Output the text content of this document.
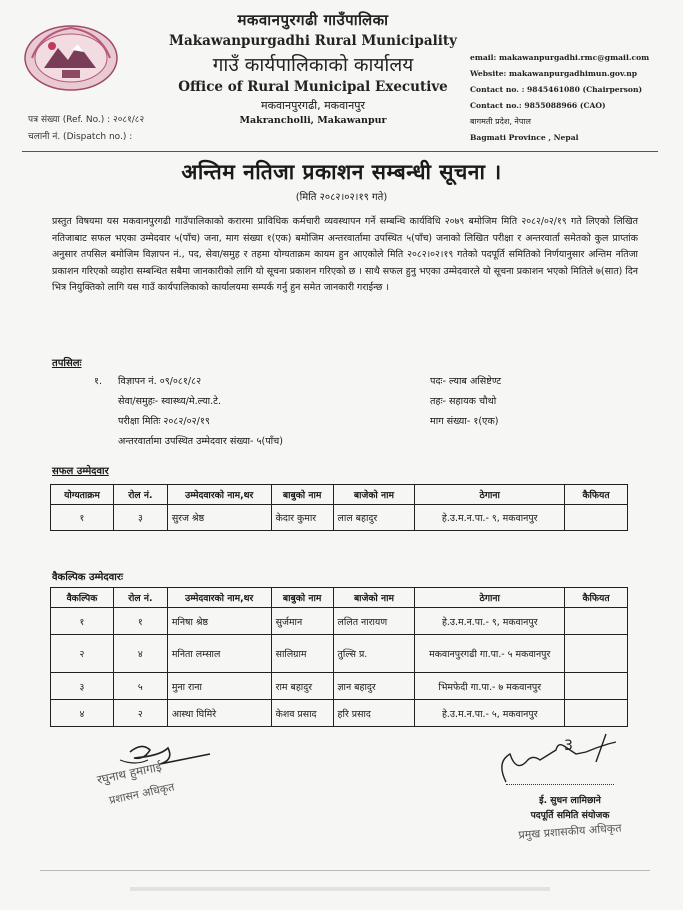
मकवानपुरगढी गाउँपालिका
Makawanpurgadhi Rural Municipality
गाउँ कार्यपालिकाको कार्यालय
Office of Rural Municipal Executive
मकवानपुरगढी, मकवानपुर
Makrancholli, Makawanpur
email: makawanpurgadhi.rmc@gmail.com
Website: makawanpurgadhimun.gov.np
Contact no. : 9845461080 (Chairperson)
Contact no.: 9855088966 (CAO)
बागमती प्रदेश, नेपाल
Bagmati Province , Nepal
पत्र संख्या (Ref. No.) : २०८१/८२
चलानी नं. (Dispatch no.) :
अन्तिम नतिजा प्रकाशन सम्बन्धी सूचना ।
(मिति २०८२।०२।१९ गते)
प्रस्तुत विषयमा यस मकवानपुरगढी गाउँपालिकाको करारमा प्राविधिक कर्मचारी व्यवस्थापन गर्ने सम्बन्धि कार्यविधि २०७९ बमोजिम मिति २०८२/०२/१९ गते लिएको लिखित नतिजाबाट सफल भएका उम्मेदवार ५(पाँच) जना, माग संख्या १(एक) बमोजिम अन्तरवार्तामा उपस्थित ५(पाँच) जनाको लिखित परीक्षा र अन्तरवार्ता समेतको कुल प्राप्तांक अनुसार तपसिल बमोजिम विज्ञापन नं., पद, सेवा/समुह र तहमा योग्यताक्रम कायम हुन आएकोले मिति २०८२।०२।१९ गतेको पदपूर्ति समितिको निर्णयानुसार अन्तिम नतिजा प्रकाशन गरिएको व्यहोरा सम्बन्धित सबैमा जानकारीको लागि यो सूचना प्रकाशन गरिएको छ । साथै सफल हुनु भएका उम्मेदवारले यो सूचना प्रकाशन भएको मितिले ७(सात) दिन भित्र नियुक्तिको लागि यस गाउँ कार्यपालिकाको कार्यालयमा सम्पर्क गर्नु हुन समेत जानकारी गराईन्छ ।
तपसिलः
१. विज्ञापन नं. ०९/०८१/८२
सेवा/समुहः- स्वास्थ्य/मे.ल्या.टे.
परीक्षा मितिः २०८२/०२/१९
अन्तरवार्तामा उपस्थित उम्मेदवार संख्या- ५(पाँच)
पदः- ल्याब असिष्टेण्ट
तहः- सहायक चौथो
माग संख्या- १(एक)
सफल उम्मेदवार
योग्यताक्रम	रोल नं.	उम्मेदवारको नाम,थर	बाबुको नाम	बाजेको नाम	ठेगाना	कैफियत
१	३	सुरज श्रेष्ठ	केदार कुमार	लाल बहादुर	हे.उ.म.न.पा.- ९, मकवानपुर	
वैकल्पिक उम्मेदवारः
वैकल्पिक	रोल नं.	उम्मेदवारको नाम,थर	बाबुको नाम	बाजेको नाम	ठेगाना	कैफियत
१	१	मनिषा श्रेष्ठ	सुर्जमान	ललित नारायण	हे.उ.म.न.पा.- ९, मकवानपुर	
२	४	मनिता लम्साल	सालिग्राम	तुल्सि प्र.	मकवानपुरगढी गा.पा.- ५ मकवानपुर	
३	५	मुना राना	राम बहादुर	ज्ञान बहादुर	भिमफेदी गा.पा.- ७ मकवानपुर	
४	२	आस्था घिमिरे	केशव प्रसाद	हरि प्रसाद	हे.उ.म.न.पा.- ५, मकवानपुर	
रघुनाथ हुमागाई
प्रशासन अधिकृत
3
ई. सुधन लामिछाने
पदपूर्ति समिति संयोजक
प्रमुख प्रशासकीय अधिकृत
